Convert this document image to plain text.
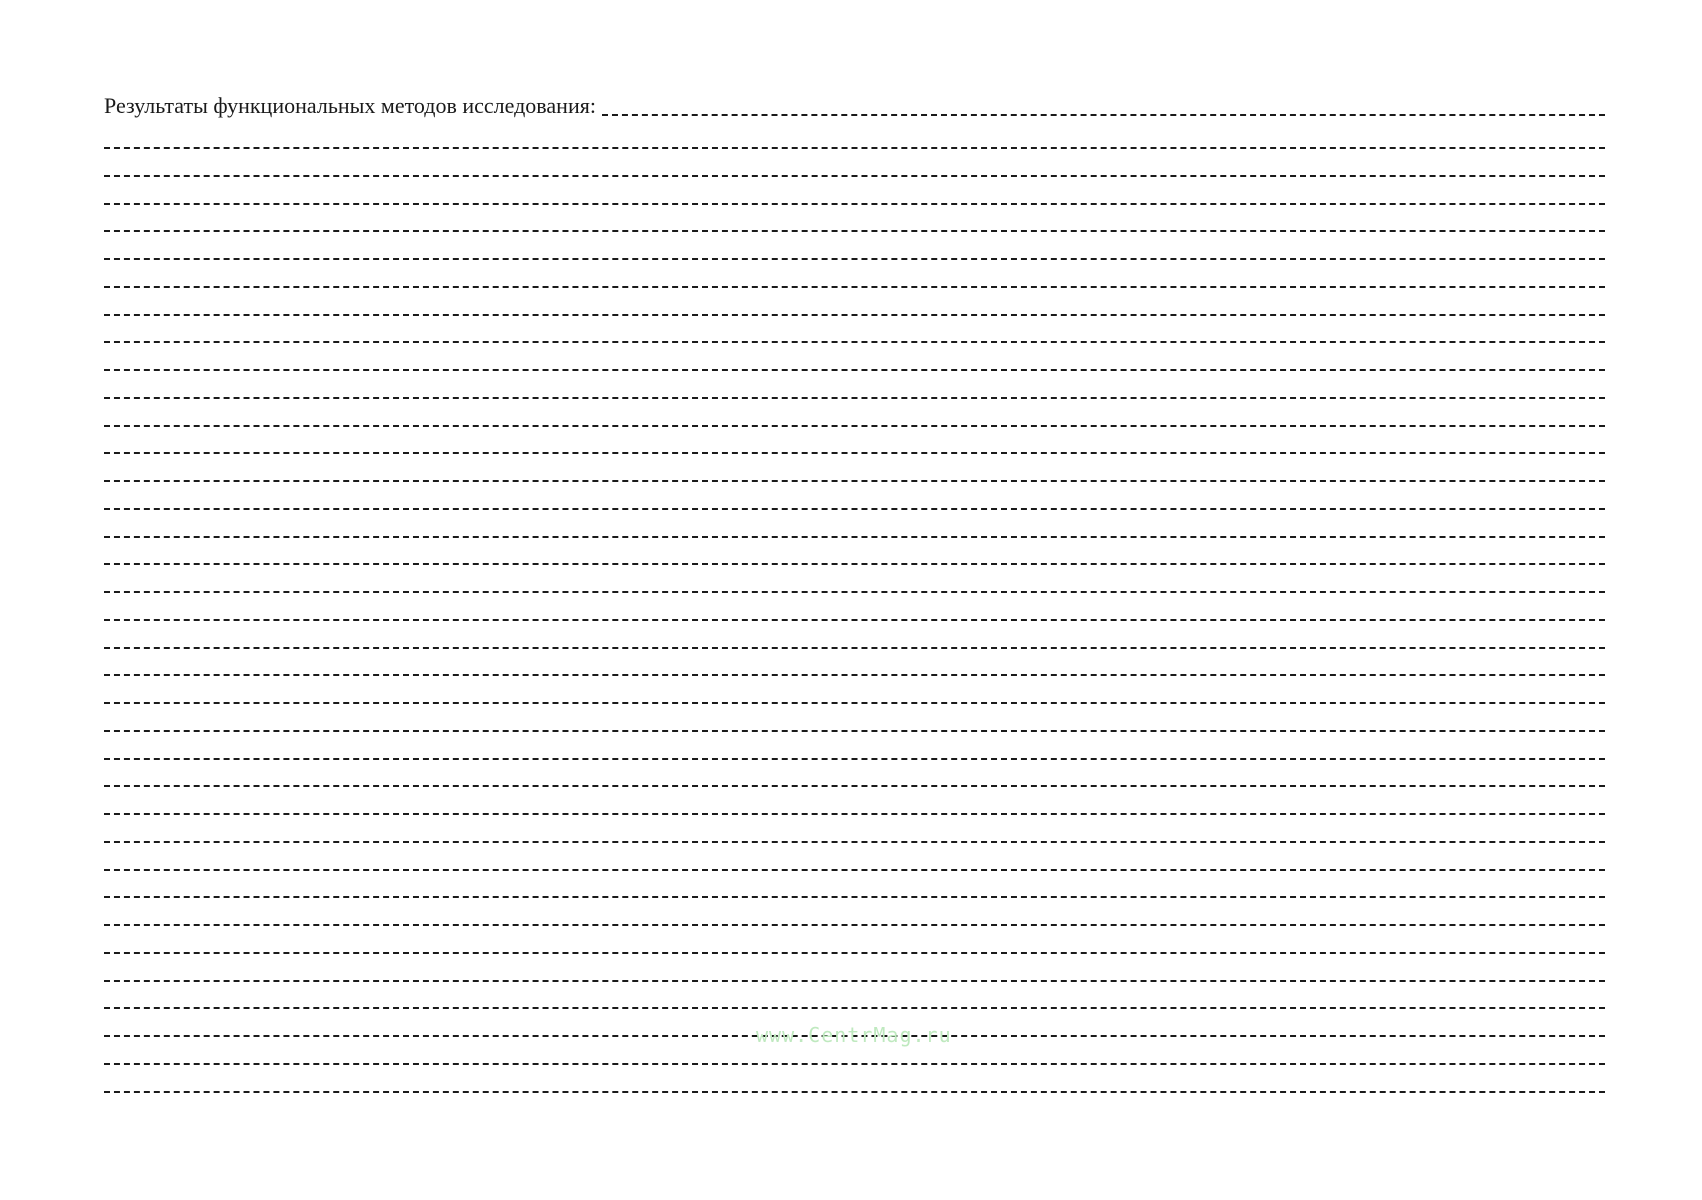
Результаты функциональных методов исследования:
www.CentrMag.ru
